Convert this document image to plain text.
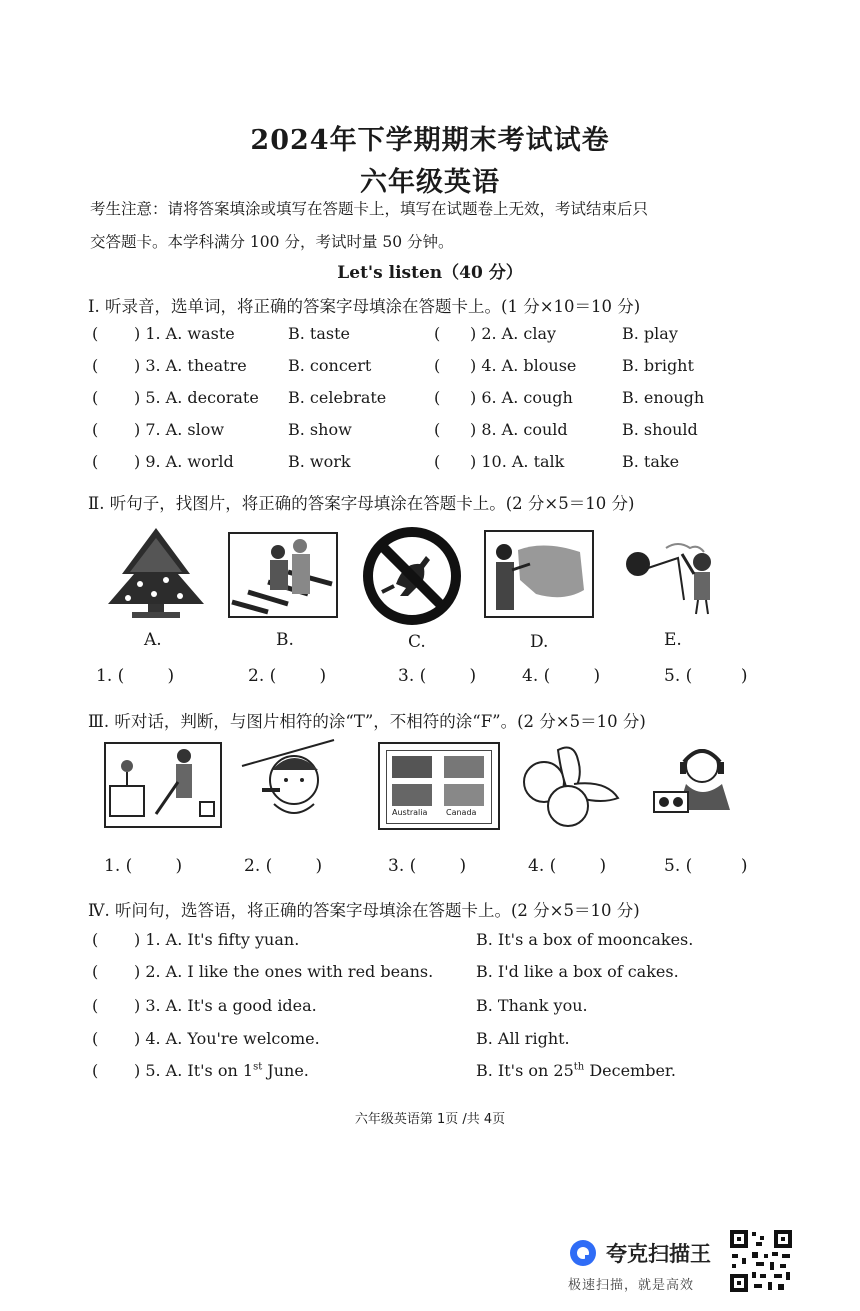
2024年下学期期末考试试卷
六年级英语
考生注意：请将答案填涂或填写在答题卡上，填写在试题卷上无效，考试结束后只
交答题卡。本学科满分 100 分，考试时量 50 分钟。
Let's listen（40 分）
Ⅰ. 听录音，选单词，将正确的答案字母填涂在答题卡上。(1 分×10＝10 分)
( ) 1. A. waste	B. taste	( ) 2. A. clay	B. play
( ) 3. A. theatre	B. concert	( ) 4. A. blouse	B. bright
( ) 5. A. decorate B. celebrate	( ) 6. A. cough	B. enough
( ) 7. A. slow	B. show	( ) 8. A. could	B. should
( ) 9. A. world	B. work	( ) 10. A. talk	B. take
Ⅱ. 听句子，找图片，将正确的答案字母填涂在答题卡上。(2 分×5＝10 分)
A.	B.	C.	D.	E.
1. (        )	2. (        )	3. (        )	4. (        )	5. (         )
Ⅲ. 听对话，判断，与图片相符的涂“T”，不相符的涂“F”。(2 分×5＝10 分)
Australia Canada
1. (        )	2. (        )	3. (        )	4. (        )	5. (         )
Ⅳ. 听问句，选答语，将正确的答案字母填涂在答题卡上。(2 分×5＝10 分)
( ) 1. A. It's fifty yuan.	B. It's a box of mooncakes.
( ) 2. A. I like the ones with red beans.	B. I'd like a box of cakes.
( ) 3. A. It's a good idea.	B. Thank you.
( ) 4. A. You're welcome.	B. All right.
( ) 5. A. It's on 1st June.	B. It's on 25th December.
六年级英语第 1页 /共 4页
夸克扫描王
极速扫描，就是高效
